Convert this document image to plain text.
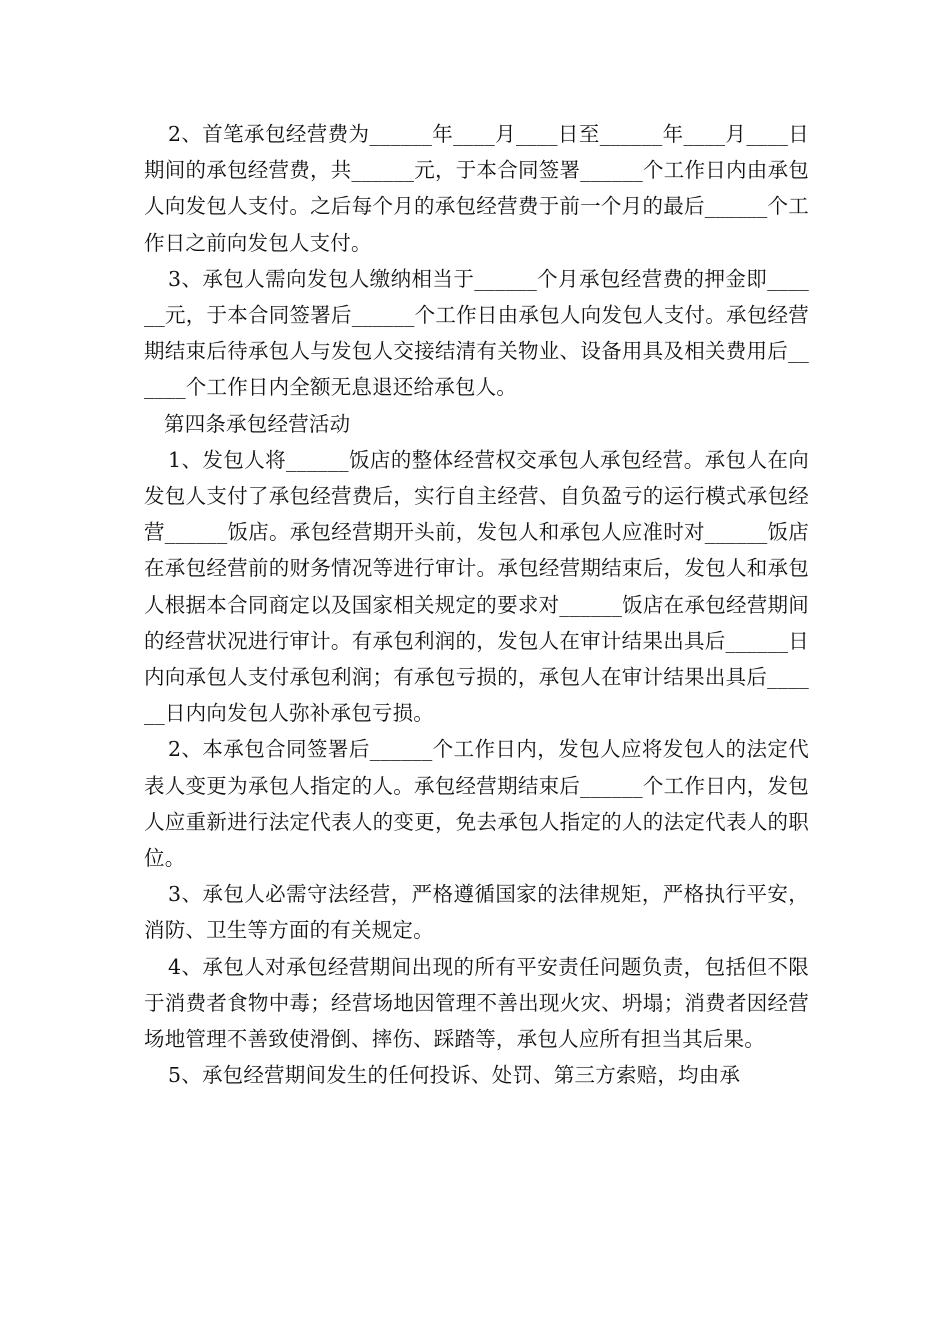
2、首笔承包经营费为______年____月____日至______年____月____日期间的承包经营费，共______元，于本合同签署______个工作日内由承包人向发包人支付。之后每个月的承包经营费于前一个月的最后______个工作日之前向发包人支付。

3、承包人需向发包人缴纳相当于______个月承包经营费的押金即______元，于本合同签署后______个工作日由承包人向发包人支付。承包经营期结束后待承包人与发包人交接结清有关物业、设备用具及相关费用后______个工作日内全额无息退还给承包人。

第四条承包经营活动

1、发包人将______饭店的整体经营权交承包人承包经营。承包人在向发包人支付了承包经营费后，实行自主经营、自负盈亏的运行模式承包经营______饭店。承包经营期开头前，发包人和承包人应准时对______饭店在承包经营前的财务情况等进行审计。承包经营期结束后，发包人和承包人根据本合同商定以及国家相关规定的要求对______饭店在承包经营期间的经营状况进行审计。有承包利润的，发包人在审计结果出具后______日内向承包人支付承包利润；有承包亏损的，承包人在审计结果出具后______日内向发包人弥补承包亏损。

2、本承包合同签署后______个工作日内，发包人应将发包人的法定代表人变更为承包人指定的人。承包经营期结束后______个工作日内，发包人应重新进行法定代表人的变更，免去承包人指定的人的法定代表人的职位。

3、承包人必需守法经营，严格遵循国家的法律规矩，严格执行平安，消防、卫生等方面的有关规定。

4、承包人对承包经营期间出现的所有平安责任问题负责，包括但不限于消费者食物中毒；经营场地因管理不善出现火灾、坍塌；消费者因经营场地管理不善致使滑倒、摔伤、踩踏等，承包人应所有担当其后果。

5、承包经营期间发生的任何投诉、处罚、第三方索赔，均由承
